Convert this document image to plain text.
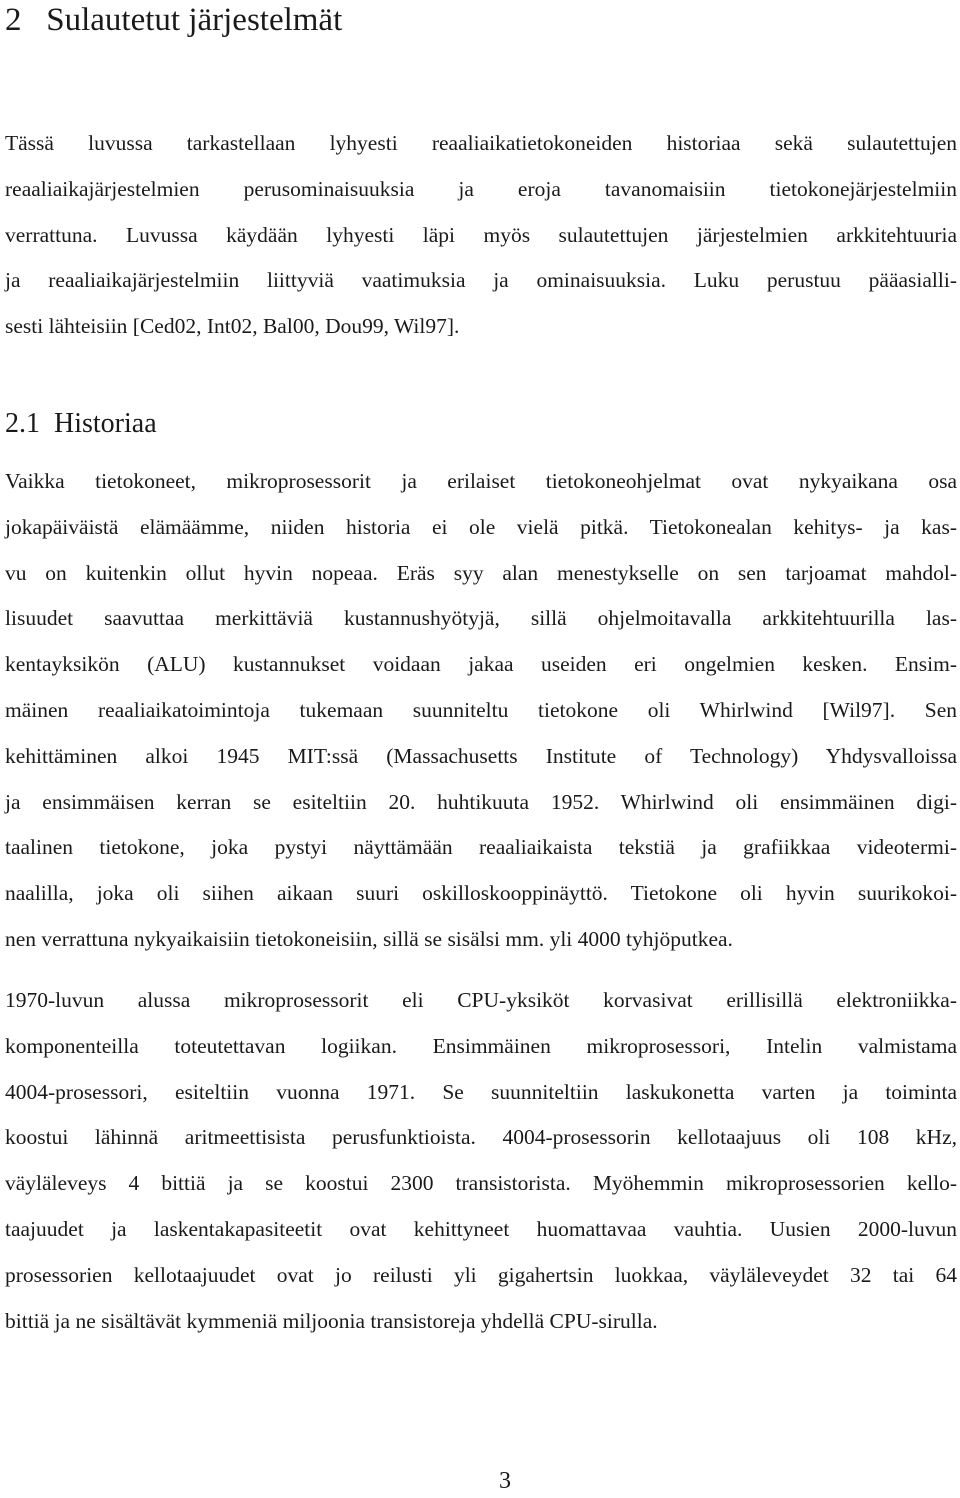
2 Sulautetut järjestelmät
Tässä luvussa tarkastellaan lyhyesti reaaliaikatietokoneiden historiaa sekä sulautettujen
reaaliaikajärjestelmien perusominaisuuksia ja eroja tavanomaisiin tietokonejärjestelmiin
verrattuna. Luvussa käydään lyhyesti läpi myös sulautettujen järjestelmien arkkitehtuuria
ja reaaliaikajärjestelmiin liittyviä vaatimuksia ja ominaisuuksia. Luku perustuu pääasialli-
sesti lähteisiin [Ced02, Int02, Bal00, Dou99, Wil97].
2.1 Historiaa
Vaikka tietokoneet, mikroprosessorit ja erilaiset tietokoneohjelmat ovat nykyaikana osa
jokapäiväistä elämäämme, niiden historia ei ole vielä pitkä. Tietokonealan kehitys- ja kas-
vu on kuitenkin ollut hyvin nopeaa. Eräs syy alan menestykselle on sen tarjoamat mahdol-
lisuudet saavuttaa merkittäviä kustannushyötyjä, sillä ohjelmoitavalla arkkitehtuurilla las-
kentayksikön (ALU) kustannukset voidaan jakaa useiden eri ongelmien kesken. Ensim-
mäinen reaaliaikatoimintoja tukemaan suunniteltu tietokone oli Whirlwind [Wil97]. Sen
kehittäminen alkoi 1945 MIT:ssä (Massachusetts Institute of Technology) Yhdysvalloissa
ja ensimmäisen kerran se esiteltiin 20. huhtikuuta 1952. Whirlwind oli ensimmäinen digi-
taalinen tietokone, joka pystyi näyttämään reaaliaikaista tekstiä ja grafiikkaa videotermi-
naalilla, joka oli siihen aikaan suuri oskilloskooppinäyttö. Tietokone oli hyvin suurikokoi-
nen verrattuna nykyaikaisiin tietokoneisiin, sillä se sisälsi mm. yli 4000 tyhjöputkea.
1970-luvun alussa mikroprosessorit eli CPU-yksiköt korvasivat erillisillä elektroniikka-
komponenteilla toteutettavan logiikan. Ensimmäinen mikroprosessori, Intelin valmistama
4004-prosessori, esiteltiin vuonna 1971. Se suunniteltiin laskukonetta varten ja toiminta
koostui lähinnä aritmeettisista perusfunktioista. 4004-prosessorin kellotaajuus oli 108 kHz,
väyläleveys 4 bittiä ja se koostui 2300 transistorista. Myöhemmin mikroprosessorien kello-
taajuudet ja laskentakapasiteetit ovat kehittyneet huomattavaa vauhtia. Uusien 2000-luvun
prosessorien kellotaajuudet ovat jo reilusti yli gigahertsin luokkaa, väyläleveydet 32 tai 64
bittiä ja ne sisältävät kymmeniä miljoonia transistoreja yhdellä CPU-sirulla.
3
